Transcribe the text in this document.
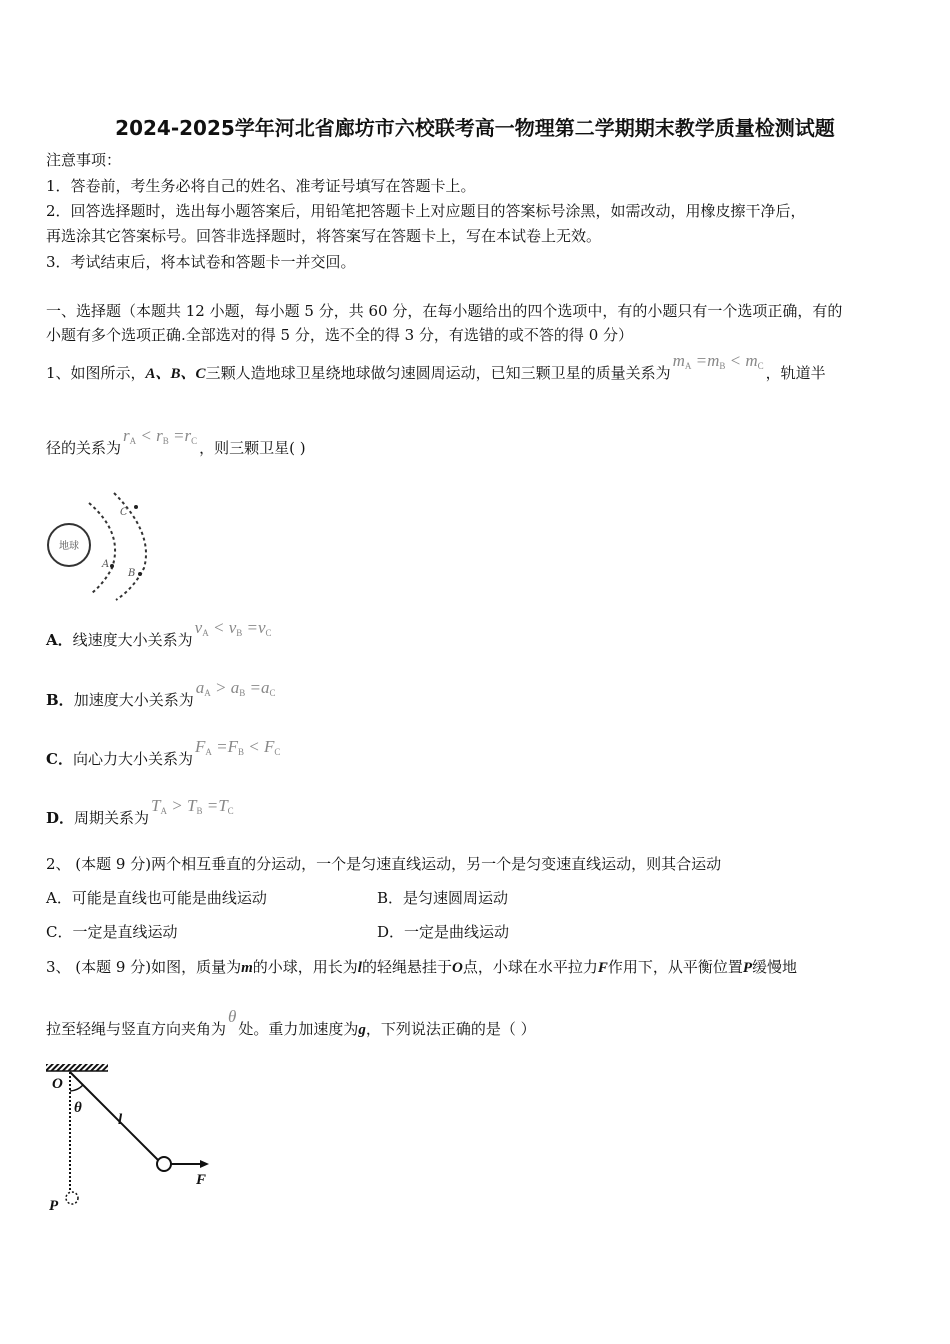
2024-2025学年河北省廊坊市六校联考高一物理第二学期期末教学质量检测试题
注意事项：
1．答卷前，考生务必将自己的姓名、准考证号填写在答题卡上。
2．回答选择题时，选出每小题答案后，用铅笔把答题卡上对应题目的答案标号涂黑，如需改动，用橡皮擦干净后，
再选涂其它答案标号。回答非选择题时，将答案写在答题卡上，写在本试卷上无效。
3．考试结束后，将本试卷和答题卡一并交回。
一、选择题（本题共 12 小题，每小题 5 分，共 60 分，在每小题给出的四个选项中，有的小题只有一个选项正确，有的
小题有多个选项正确.全部选对的得 5 分，选不全的得 3 分，有选错的或不答的得 0 分）
1、如图所示，A、B、C三颗人造地球卫星绕地球做匀速圆周运动，已知三颗卫星的质量关系为$m_A =m_B < m_C$ ，轨道半
径的关系为$r_A < r_B =r_C$ ，则三颗卫星( )
地球
A
B
C
A．线速度大小关系为$v_A < v_B =v_C$
B．加速度大小关系为$a_A > a_B =a_C$
C．向心力大小关系为$F_A =F_B < F_C$
D．周期关系为$T_A > T_B =T_C$
2、 (本题 9 分)两个相互垂直的分运动，一个是匀速直线运动，另一个是匀变速直线运动，则其合运动
A．可能是直线也可能是曲线运动	B．是匀速圆周运动
C．一定是直线运动	D．一定是曲线运动
3、 (本题 9 分)如图，质量为m的小球，用长为l的轻绳悬挂于O点，小球在水平拉力F作用下，从平衡位置P缓慢地
拉至轻绳与竖直方向夹角为θ处。重力加速度为g，下列说法正确的是（ ）
O
θ
l
F
P
